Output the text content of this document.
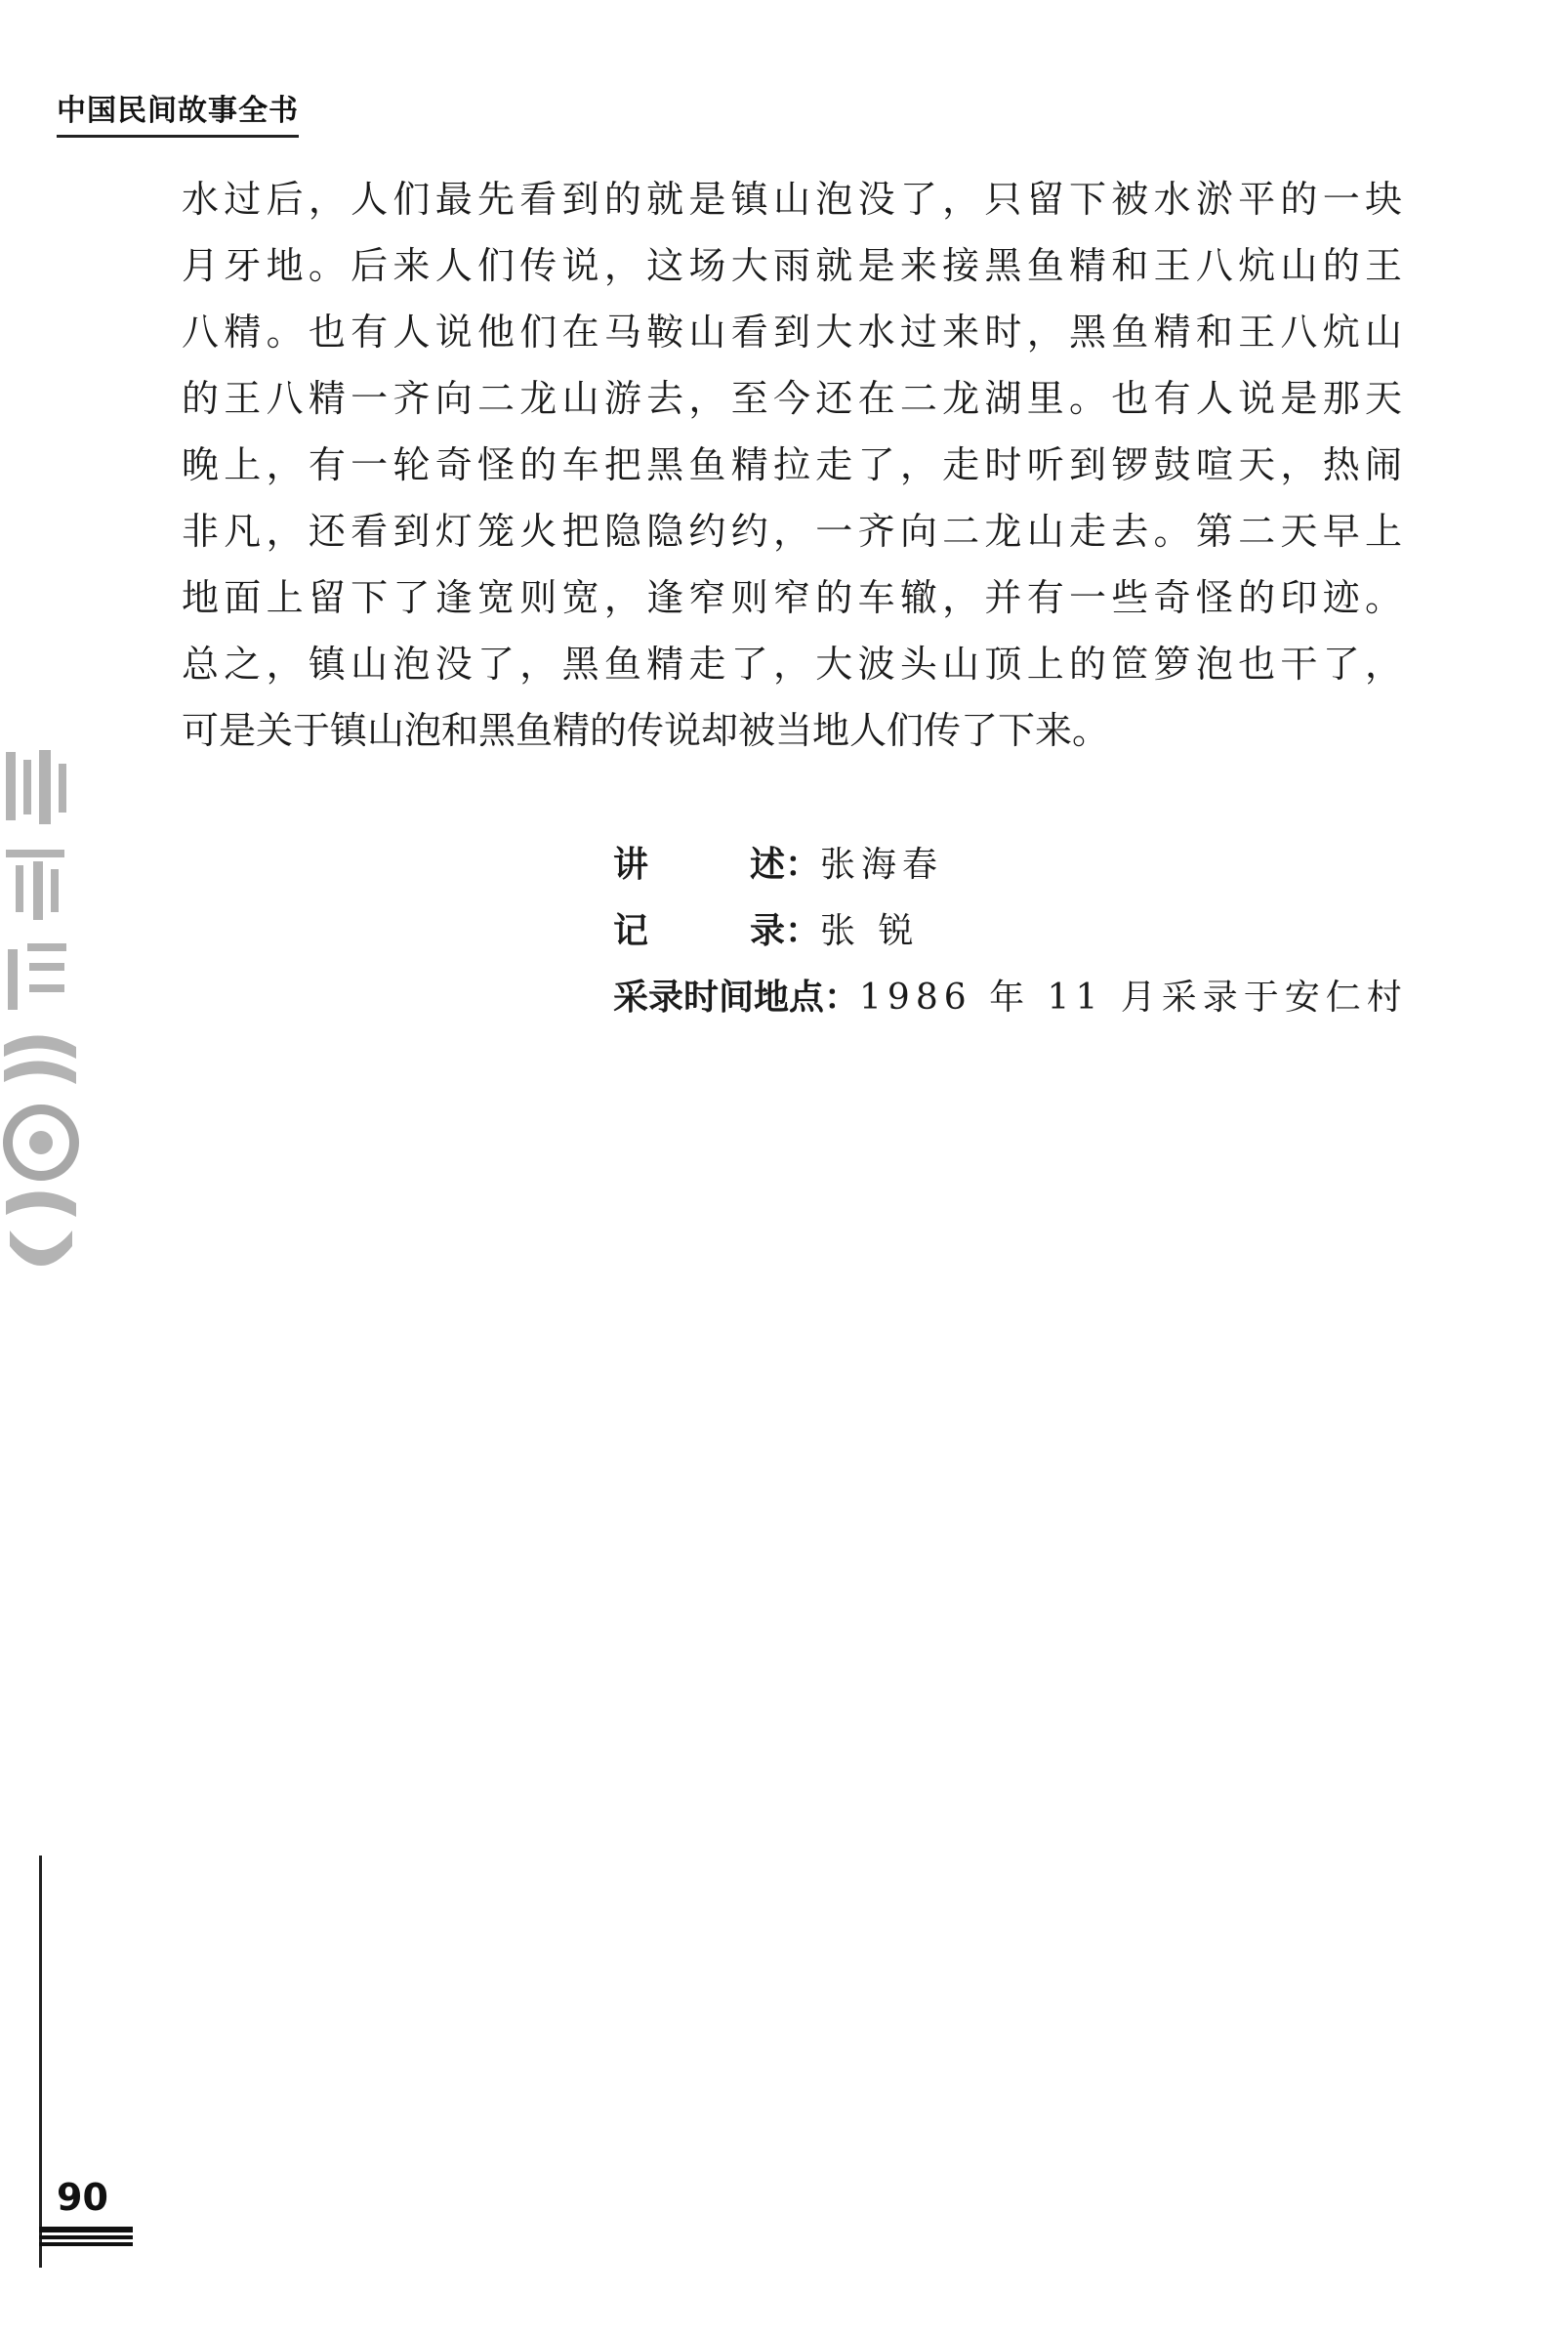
中国民间故事全书
水过后，人们最先看到的就是镇山泡没了，只留下被水淤平的一块
月牙地。后来人们传说，这场大雨就是来接黑鱼精和王八炕山的王
八精。也有人说他们在马鞍山看到大水过来时，黑鱼精和王八炕山
的王八精一齐向二龙山游去，至今还在二龙湖里。也有人说是那天
晚上，有一轮奇怪的车把黑鱼精拉走了，走时听到锣鼓喧天，热闹
非凡，还看到灯笼火把隐隐约约，一齐向二龙山走去。第二天早上
地面上留下了逢宽则宽，逢窄则窄的车辙，并有一些奇怪的印迹。
总之，镇山泡没了，黑鱼精走了，大波头山顶上的笸箩泡也干了，
可是关于镇山泡和黑鱼精的传说却被当地人们传了下来。
讲述：张海春
记录：张 锐
采录时间地点：1986 年 11 月采录于安仁村
90
